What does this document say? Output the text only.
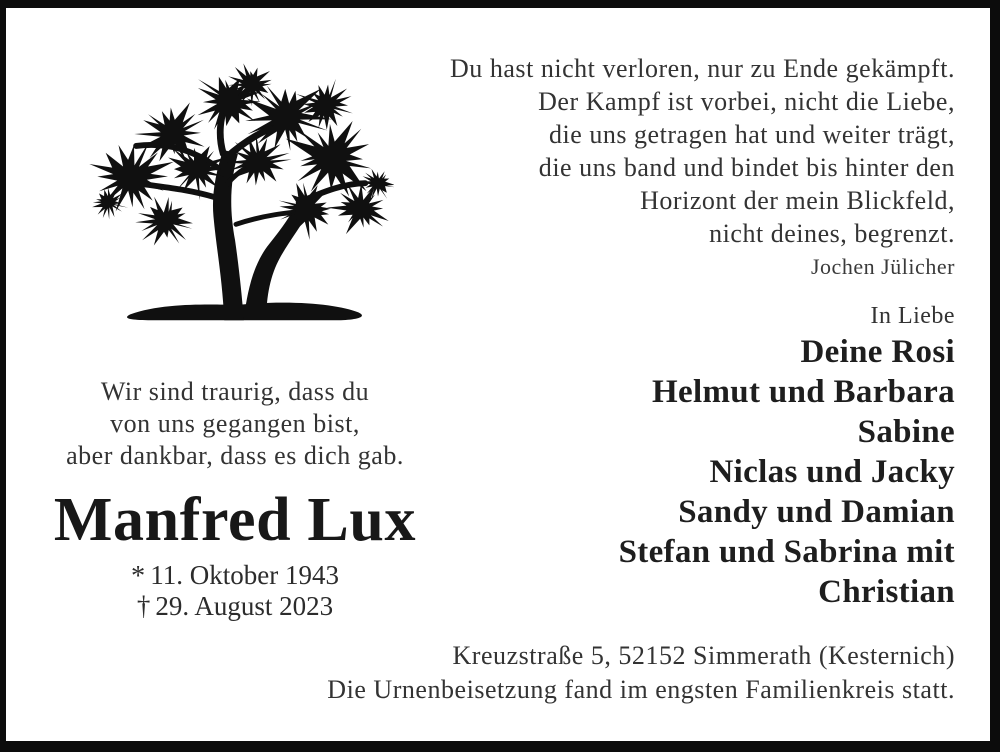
Du hast nicht verloren, nur zu Ende gekämpft.
Der Kampf ist vorbei, nicht die Liebe,
die uns getragen hat und weiter trägt,
die uns band und bindet bis hinter den
Horizont der mein Blickfeld,
nicht deines, begrenzt.
Jochen Jülicher
In Liebe
Deine Rosi
Helmut und Barbara
Sabine
Niclas und Jacky
Sandy und Damian
Stefan und Sabrina mit
Christian
Wir sind traurig, dass du
von uns gegangen bist,
aber dankbar, dass es dich gab.
Manfred Lux
* 11. Oktober 1943
† 29. August 2023
Kreuzstraße 5, 52152 Simmerath (Kesternich)
Die Urnenbeisetzung fand im engsten Familienkreis statt.
